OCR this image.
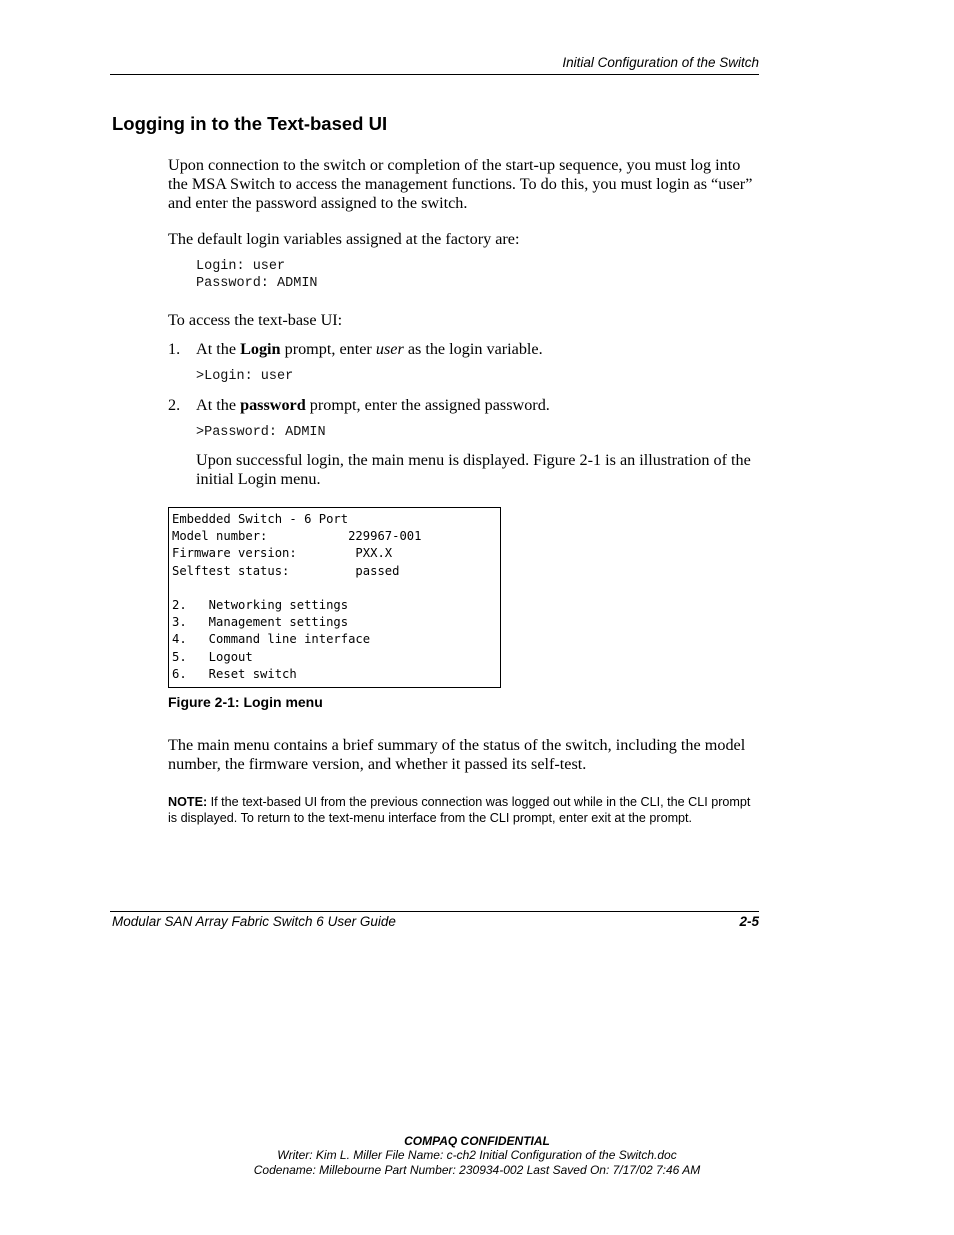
Initial Configuration of the Switch
Logging in to the Text-based UI

Upon connection to the switch or completion of the start-up sequence, you must log into the MSA Switch to access the management functions. To do this, you must login as “user” and enter the password assigned to the switch.

The default login variables assigned at the factory are:

Login: user
Password: ADMIN

To access the text-base UI:

1. At the Login prompt, enter user as the login variable.

>Login: user
2. At the password prompt, enter the assigned password.

>Password: ADMIN

Upon successful login, the main menu is displayed. Figure 2-1 is an illustration of the initial Login menu.

Embedded Switch - 6 Port
Model number:           229967-001
Firmware version:        PXX.X
Selftest status:         passed

2.   Networking settings
3.   Management settings
4.   Command line interface
5.   Logout
6.   Reset switch
Figure 2-1: Login menu

The main menu contains a brief summary of the status of the switch, including the model number, the firmware version, and whether it passed its self-test.

NOTE: If the text-based UI from the previous connection was logged out while in the CLI, the CLI prompt is displayed. To return to the text-menu interface from the CLI prompt, enter exit at the prompt.
Modular SAN Array Fabric Switch 6 User Guide	2-5
COMPAQ CONFIDENTIAL
Writer: Kim L. Miller File Name: c-ch2 Initial Configuration of the Switch.doc
Codename: Millebourne Part Number: 230934-002 Last Saved On: 7/17/02 7:46 AM
